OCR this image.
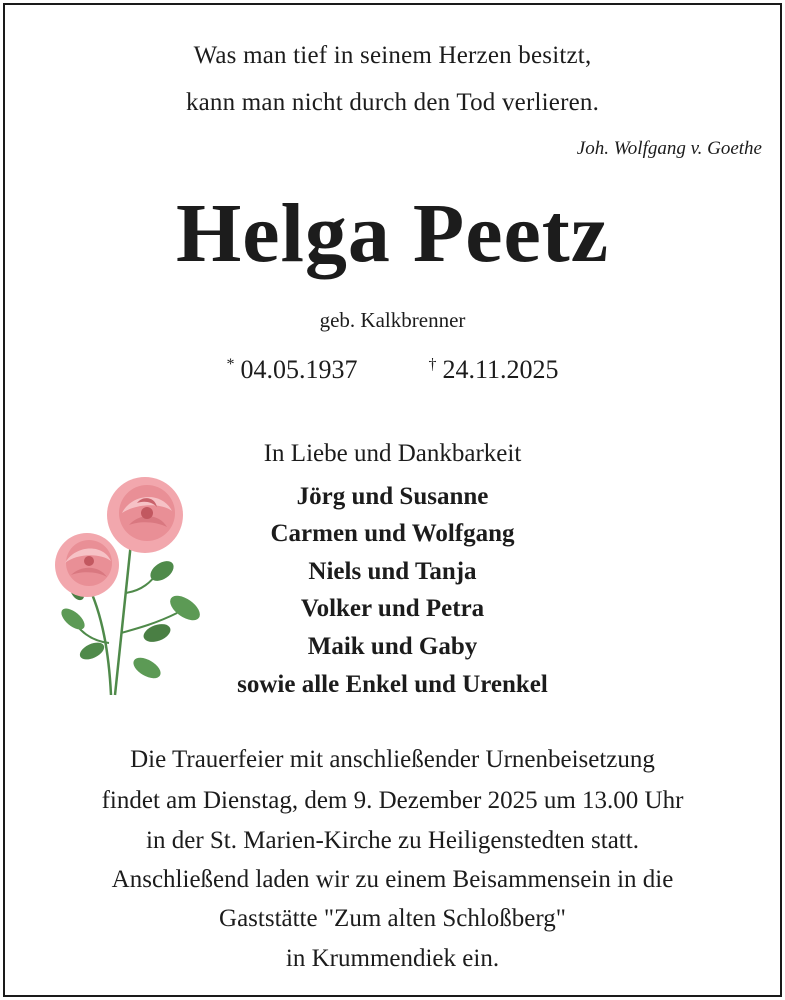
Was man tief in seinem Herzen besitzt,
kann man nicht durch den Tod verlieren.
Joh. Wolfgang v. Goethe
Helga Peetz
geb. Kalkbrenner
* 04.05.1937	† 24.11.2025
In Liebe und Dankbarkeit
Jörg und Susanne
Carmen und Wolfgang
Niels und Tanja
Volker und Petra
Maik und Gaby
sowie alle Enkel und Urenkel
Die Trauerfeier mit anschließender Urnenbeisetzung
findet am Dienstag, dem 9. Dezember 2025 um 13.00 Uhr
in der St. Marien-Kirche zu Heiligenstedten statt.
Anschließend laden wir zu einem Beisammensein in die
Gaststätte "Zum alten Schloßberg"
in Krummendiek ein.
